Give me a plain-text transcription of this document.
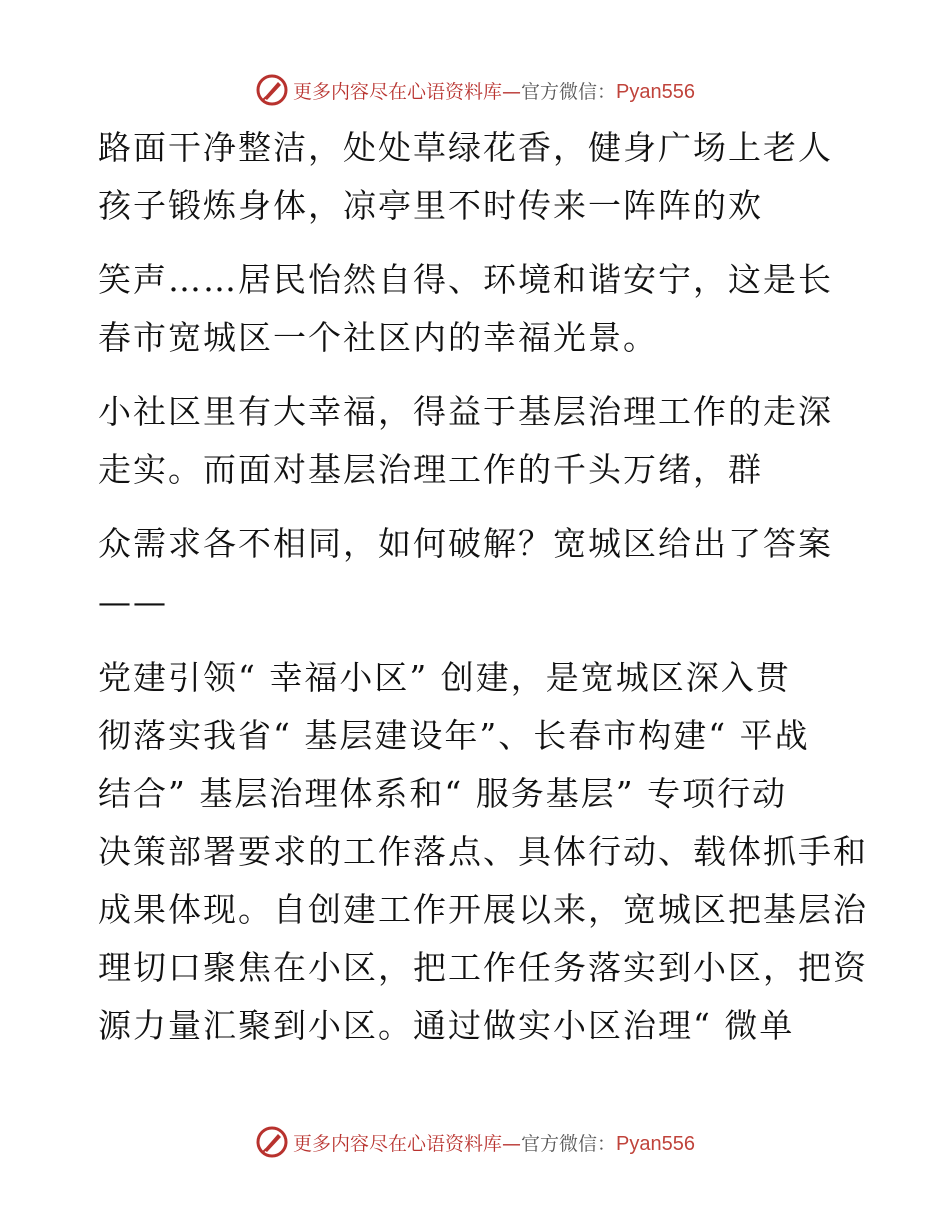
更多内容尽在心语资料库—官方微信：Pyan556
路面干净整洁，处处草绿花香，健身广场上老人
孩子锻炼身体，凉亭里不时传来一阵阵的欢
笑声……居民怡然自得、环境和谐安宁，这是长
春市宽城区一个社区内的幸福光景。
小社区里有大幸福，得益于基层治理工作的走深
走实。而面对基层治理工作的千头万绪，群
众需求各不相同，如何破解？宽城区给出了答案
——
党建引领“ 幸福小区” 创建，是宽城区深入贯
彻落实我省“ 基层建设年”、长春市构建“ 平战
结合” 基层治理体系和“ 服务基层” 专项行动
决策部署要求的工作落点、具体行动、载体抓手和
成果体现。自创建工作开展以来，宽城区把基层治
理切口聚焦在小区，把工作任务落实到小区，把资
源力量汇聚到小区。通过做实小区治理“ 微单
更多内容尽在心语资料库—官方微信：Pyan556
